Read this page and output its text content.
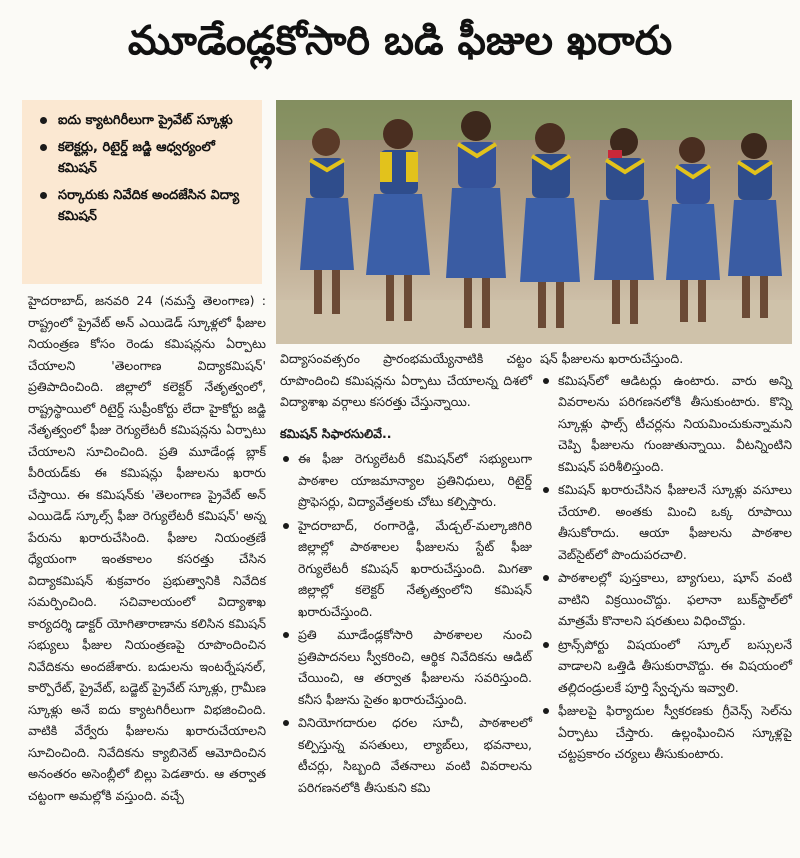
మూడేండ్లకోసారి బడి ఫీజుల ఖరారు
ఐదు క్యాటగిరీలుగా ప్రైవేట్ స్కూళ్లు
కలెక్టర్లు, రిటైర్డ్ జడ్జి ఆధ్వర్యంలో కమిషన్
సర్కారుకు నివేదిక అందజేసిన విద్యా కమిషన్

హైదరాబాద్, జనవరి 24 (నమస్తే తెలంగాణ) : రాష్ట్రంలో ప్రైవేట్ అన్ ఎయిడెడ్ స్కూళ్లలో ఫీజుల నియంత్రణ కోసం రెండు కమిషన్లను ఏర్పాటు చేయాలని 'తెలంగాణ విద్యాకమిషన్' ప్రతిపాదించింది. జిల్లాలో కలెక్టర్ నేతృత్వంలో, రాష్ట్రస్థాయిలో రిటైర్డ్ సుప్రీంకోర్టు లేదా హైకోర్టు జడ్జి నేతృత్వంలో ఫీజు రెగ్యులేటరీ కమిషన్లను ఏర్పాటు చేయాలని సూచించింది. ప్రతి మూడేండ్ల బ్లాక్ పీరియడ్‌కు ఈ కమిషన్లు ఫీజులను ఖరారు చేస్తాయి. ఈ కమిషన్‌కు 'తెలంగాణ ప్రైవేట్ అన్ ఎయిడెడ్ స్కూల్స్ ఫీజు రెగ్యులేటరీ కమిషన్' అన్న పేరును ఖరారుచేసింది. ఫీజుల నియంత్రణే ధ్యేయంగా ఇంతకాలం కసరత్తు చేసిన విద్యాకమిషన్ శుక్రవారం ప్రభుత్వానికి నివేదిక సమర్పించింది. సచివాలయంలో విద్యాశాఖ కార్యదర్శి డాక్టర్ యోగితారాణాను కలిసిన కమిషన్ సభ్యులు ఫీజుల నియంత్రణపై రూపొందించిన నివేదికను అందజేశారు. బడులను ఇంటర్నేషనల్, కార్పొరేట్, ప్రైవేట్, బడ్జెట్ ప్రైవేట్ స్కూళ్లు, గ్రామీణ స్కూళ్లు అనే ఐదు క్యాటగిరీలుగా విభజించింది. వాటికి వేర్వేరు ఫీజులను ఖరారుచేయాలని సూచించింది. నివేదికను క్యాబినెట్ ఆమోదించిన అనంతరం అసెంబ్లీలో బిల్లు పెడతారు. ఆ తర్వాత చట్టంగా అమల్లోకి వస్తుంది. వచ్చే

విద్యాసంవత్సరం ప్రారంభమయ్యేనాటికి చట్టం రూపొందించి కమిషన్లను ఏర్పాటు చేయాలన్న దిశలో విద్యాశాఖ వర్గాలు కసరత్తు చేస్తున్నాయి.

కమిషన్ సిఫారసులివే..
ఈ ఫీజు రెగ్యులేటరీ కమిషన్‌లో సభ్యులుగా పాఠశాల యాజమాన్యాల ప్రతినిధులు, రిటైర్డ్ ప్రొఫెసర్లు, విద్యావేత్తలకు చోటు కల్పిస్తారు.
హైదరాబాద్, రంగారెడ్డి, మేడ్చల్-మల్కాజిగిరి జిల్లాల్లో పాఠశాలల ఫీజులను స్టేట్ ఫీజు రెగ్యులేటరీ కమిషన్ ఖరారుచేస్తుంది. మిగతా జిల్లాల్లో కలెక్టర్ నేతృత్వంలోని కమిషన్ ఖరారుచేస్తుంది.
ప్రతి మూడేండ్లకోసారి పాఠశాలల నుంచి ప్రతిపాదనలు స్వీకరించి, ఆర్థిక నివేదికను ఆడిట్ చేయించి, ఆ తర్వాత ఫీజులను సవరిస్తుంది. కనీస ఫీజును సైతం ఖరారుచేస్తుంది.
వినియోగదారుల ధరల సూచీ, పాఠశాలలో కల్పిస్తున్న వసతులు, ల్యాబ్‌లు, భవనాలు, టీచర్లు, సిబ్బంది వేతనాలు వంటి వివరాలను పరిగణనలోకి తీసుకుని కమి

షన్ ఫీజులను ఖరారుచేస్తుంది.

కమిషన్‌లో ఆడిటర్లు ఉంటారు. వారు అన్ని వివరాలను పరిగణనలోకి తీసుకుంటారు. కొన్ని స్కూళ్లు ఫాల్స్ టీచర్లను నియమించుకున్నామని చెప్పి ఫీజులను గుంజుతున్నాయి. వీటన్నింటిని కమిషన్ పరిశీలిస్తుంది.
కమిషన్ ఖరారుచేసిన ఫీజులనే స్కూళ్లు వసూలు చేయాలి. అంతకు మించి ఒక్క రూపాయి తీసుకోరాదు. ఆయా ఫీజులను పాఠశాల వెబ్‌సైట్‌లో పొందుపరచాలి.
పాఠశాలల్లో పుస్తకాలు, బ్యాగులు, షూస్ వంటి వాటిని విక్రయించొద్దు. ఫలానా బుక్‌స్టాల్‌లో మాత్రమే కొనాలని షరతులు విధించొద్దు.
ట్రాన్స్‌పోర్టు విషయంలో స్కూల్ బస్సులనే వాడాలని ఒత్తిడి తీసుకురావొద్దు. ఈ విషయంలో తల్లిదండ్రులకే పూర్తి స్వేచ్ఛను ఇవ్వాలి.
ఫీజులపై ఫిర్యాదుల స్వీకరణకు గ్రీవెన్స్ సెల్‌ను ఏర్పాటు చేస్తారు. ఉల్లంఘించిన స్కూళ్లపై చట్టప్రకారం చర్యలు తీసుకుంటారు.
